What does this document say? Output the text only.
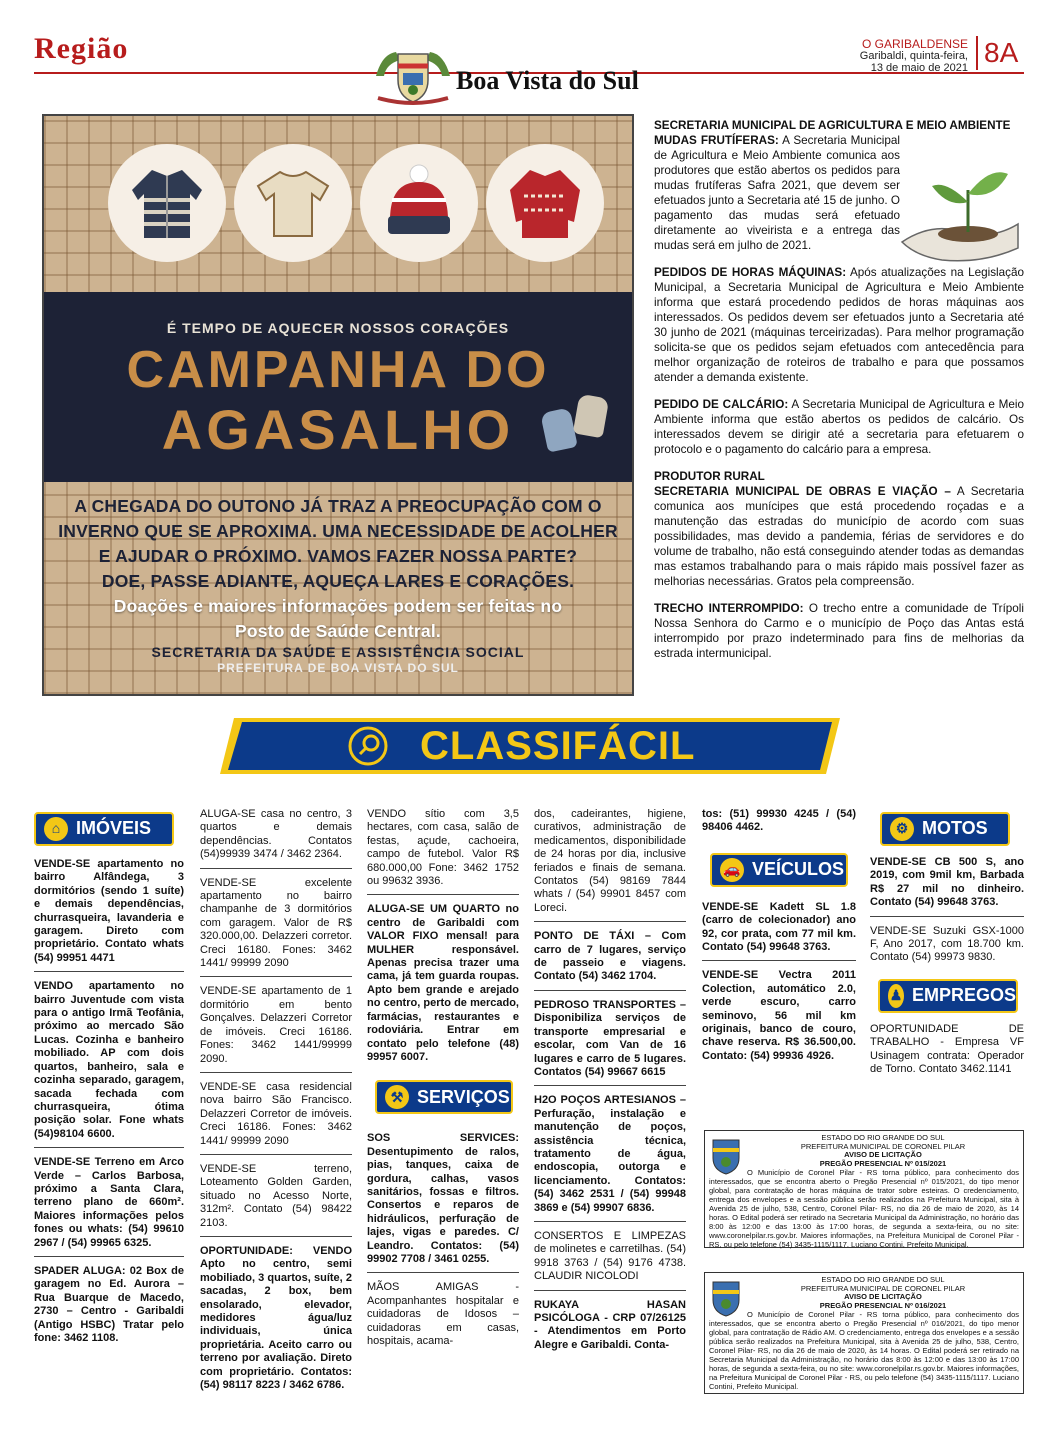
Região
Boa Vista do Sul
O GARIBALDENSE
Garibaldi, quinta-feira,
13 de maio de 2021 8A
É TEMPO DE AQUECER NOSSOS CORAÇÕES
CAMPANHA DO
AGASALHO
A CHEGADA DO OUTONO JÁ TRAZ A PREOCUPAÇÃO COM O
INVERNO QUE SE APROXIMA. UMA NECESSIDADE DE ACOLHER
E AJUDAR O PRÓXIMO. VAMOS FAZER NOSSA PARTE?
DOE, PASSE ADIANTE, AQUEÇA LARES E CORAÇÕES.
Doações e maiores informações podem ser feitas no
Posto de Saúde Central.
SECRETARIA DA SAÚDE E ASSISTÊNCIA SOCIAL
PREFEITURA DE BOA VISTA DO SUL

SECRETARIA MUNICIPAL DE AGRICULTURA E MEIO AMBIENTE

MUDAS FRUTÍFERAS: A Secretaria Municipal de Agricultura e Meio Ambiente comunica aos produtores que estão abertos os pedidos para mudas frutíferas Safra 2021, que devem ser efetuados junto a Secretaria até 15 de junho. O pagamento das mudas será efetuado diretamente ao viveirista e a entrega das mudas será em julho de 2021.

PEDIDOS DE HORAS MÁQUINAS: Após atualizações na Legislação Municipal, a Secretaria Municipal de Agricultura e Meio Ambiente informa que estará procedendo pedidos de horas máquinas aos interessados. Os pedidos devem ser efetuados junto a Secretaria até 30 junho de 2021 (máquinas terceirizadas). Para melhor programação solicita-se que os pedidos sejam efetuados com antecedência para melhor organização de roteiros de trabalho e para que possamos atender a demanda existente.

PEDIDO DE CALCÁRIO: A Secretaria Municipal de Agricultura e Meio Ambiente informa que estão abertos os pedidos de calcário. Os interessados devem se dirigir até a secretaria para efetuarem o protocolo e o pagamento do calcário para a empresa.

PRODUTOR RURAL
SECRETARIA MUNICIPAL DE OBRAS E VIAÇÃO – A Secretaria comunica aos munícipes que está procedendo roçadas e a manutenção das estradas do município de acordo com suas possibilidades, mas devido a pandemia, férias de servidores e do volume de trabalho, não está conseguindo atender todas as demandas mas estamos trabalhando para o mais rápido mais possível fazer as melhorias necessárias. Gratos pela compreensão.

TRECHO INTERROMPIDO: O trecho entre a comunidade de Trípoli Nossa Senhora do Carmo e o município de Poço das Antas está interrompido por prazo indeterminado para fins de melhorias da estrada intermunicipal.

CLASSIFÁCIL
⌂ IMÓVEIS

VENDE-SE apartamento no bairro Alfândega, 3 dormitórios (sendo 1 suíte) e demais dependências, churrasqueira, lavanderia e garagem. Direto com proprietário. Contato whats (54) 99951 4471

VENDO apartamento no bairro Juventude com vista para o antigo Irmã Teofânia, próximo ao mercado São Lucas. Cozinha e banheiro mobiliado. AP com dois quartos, banheiro, sala e cozinha separado, garagem, sacada fechada com churrasqueira, ótima posição solar. Fone whats (54)98104 6600.

VENDE-SE Terreno em Arco Verde – Carlos Barbosa, próximo a Santa Clara, terreno plano de 660m². Maiores informações pelos fones ou whats: (54) 99610 2967 / (54) 99965 6325.

SPADER ALUGA: 02 Box de garagem no Ed. Aurora – Rua Buarque de Macedo, 2730 – Centro - Garibaldi (Antigo HSBC) Tratar pelo fone: 3462 1108.

ALUGA-SE casa no centro, 3 quartos e demais dependências. Contatos (54)99939 3474 / 3462 2364.

VENDE-SE excelente apartamento no bairro champanhe de 3 dormitórios com garagem. Valor de R$ 320.000,00. Delazzeri corretor. Creci 16180. Fones: 3462 1441/ 99999 2090

VENDE-SE apartamento de 1 dormitório em bento Gonçalves. Delazzeri Corretor de imóveis. Creci 16186. Fones: 3462 1441/99999 2090.

VENDE-SE casa residencial nova bairro São Francisco. Delazzeri Corretor de imóveis. Creci 16186. Fones: 3462 1441/ 99999 2090

VENDE-SE terreno, Loteamento Golden Garden, situado no Acesso Norte, 312m². Contato (54) 98422 2103.

OPORTUNIDADE: VENDO Apto no centro, semi mobiliado, 3 quartos, suíte, 2 sacadas, 2 box, bem ensolarado, elevador, medidores água/luz individuais, única proprietária. Aceito carro ou terreno por avaliação. Direto com proprietário. Contatos: (54) 98117 8223 / 3462 6786.

VENDO sítio com 3,5 hectares, com casa, salão de festas, açude, cachoeira, campo de futebol. Valor R$ 680.000,00 Fone: 3462 1752 ou 99632 3936.

ALUGA-SE UM QUARTO no centro de Garibaldi com VALOR FIXO mensal! para MULHER responsável. Apenas precisa trazer uma cama, já tem guarda roupas. Apto bem grande e arejado no centro, perto de mercado, farmácias, restaurantes e rodoviária. Entrar em contato pelo telefone (48) 99957 6007.

⚒ SERVIÇOS

SOS SERVICES: Desentupimento de ralos, pias, tanques, caixa de gordura, calhas, vasos sanitários, fossas e filtros. Consertos e reparos de hidráulicos, perfuração de lajes, vigas e paredes. C/ Leandro. Contatos: (54) 99902 7708 / 3461 0255.

MÃOS AMIGAS - Acompanhantes hospitalar e cuidadoras de Idosos – cuidadoras em casas, hospitais, acama-

dos, cadeirantes, higiene, curativos, administração de medicamentos, disponibilidade de 24 horas por dia, inclusive feriados e finais de semana. Contatos (54) 98169 7844 whats / (54) 99901 8457 com Loreci.

PONTO DE TÁXI – Com carro de 7 lugares, serviço de passeio e viagens. Contato (54) 3462 1704.

PEDROSO TRANSPORTES – Disponibiliza serviços de transporte empresarial e escolar, com Van de 16 lugares e carro de 5 lugares. Contatos (54) 99667 6615

H2O POÇOS ARTESIANOS – Perfuração, instalação e manutenção de poços, assistência técnica, tratamento de água, endoscopia, outorga e licenciamento. Contatos: (54) 3462 2531 / (54) 99948 3869 e (54) 99907 6836.

CONSERTOS E LIMPEZAS de molinetes e carretilhas. (54) 9918 3763 / (54) 9176 4738. CLAUDIR NICOLODI

RUKAYA HASAN PSICÓLOGA - CRP 07/26125 - Atendimentos em Porto Alegre e Garibaldi. Conta-

tos: (51) 99930 4245 / (54) 98406 4462.

🚗 VEÍCULOS

VENDE-SE Kadett SL 1.8 (carro de colecionador) ano 92, cor prata, com 77 mil km. Contato (54) 99648 3763.

VENDE-SE Vectra 2011 Colection, automático 2.0, verde escuro, carro seminovo, 56 mil km originais, banco de couro, chave reserva. R$ 36.500,00. Contato: (54) 99936 4926.

⚙ MOTOS

VENDE-SE CB 500 S, ano 2019, com 9mil km, Barbada R$ 27 mil no dinheiro. Contato (54) 99648 3763.

VENDE-SE Suzuki GSX-1000 F, Ano 2017, com 18.700 km. Contato (54) 99973 9830.

♟ EMPREGOS

OPORTUNIDADE DE TRABALHO - Empresa VF Usinagem contrata: Operador de Torno. Contato 3462.1141

ESTADO DO RIO GRANDE DO SUL
PREFEITURA MUNICIPAL DE CORONEL PILAR
AVISO DE LICITAÇÃO
PREGÃO PRESENCIAL Nº 015/2021
O Município de Coronel Pilar - RS torna público, para conhecimento dos interessados, que se encontra aberto o Pregão Presencial nº 015/2021, do tipo menor global, para contratação de horas máquina de trator sobre esteiras. O credenciamento, entrega dos envelopes e a sessão pública serão realizados na Prefeitura Municipal, sita à Avenida 25 de julho, 538, Centro, Coronel Pilar- RS, no dia 26 de maio de 2020, às 14 horas. O Edital poderá ser retirado na Secretaria Municipal da Administração, no horário das 8:00 às 12:00 e das 13:00 às 17:00 horas, de segunda a sexta-feira, ou no site: www.coronelpilar.rs.gov.br. Maiores informações, na Prefeitura Municipal de Coronel Pilar - RS, ou pelo telefone (54) 3435-1115/1117. Luciano Contini, Prefeito Municipal.
ESTADO DO RIO GRANDE DO SUL
PREFEITURA MUNICIPAL DE CORONEL PILAR
AVISO DE LICITAÇÃO
PREGÃO PRESENCIAL Nº 016/2021
O Município de Coronel Pilar - RS torna público, para conhecimento dos interessados, que se encontra aberto o Pregão Presencial nº 016/2021, do tipo menor global, para contratação de Rádio AM. O credenciamento, entrega dos envelopes e a sessão pública serão realizados na Prefeitura Municipal, sita à Avenida 25 de julho, 538, Centro, Coronel Pilar- RS, no dia 26 de maio de 2020, às 14 horas. O Edital poderá ser retirado na Secretaria Municipal da Administração, no horário das 8:00 às 12:00 e das 13:00 às 17:00 horas, de segunda a sexta-feira, ou no site: www.coronelpilar.rs.gov.br. Maiores informações, na Prefeitura Municipal de Coronel Pilar - RS, ou pelo telefone (54) 3435-1115/1117. Luciano Contini, Prefeito Municipal.
